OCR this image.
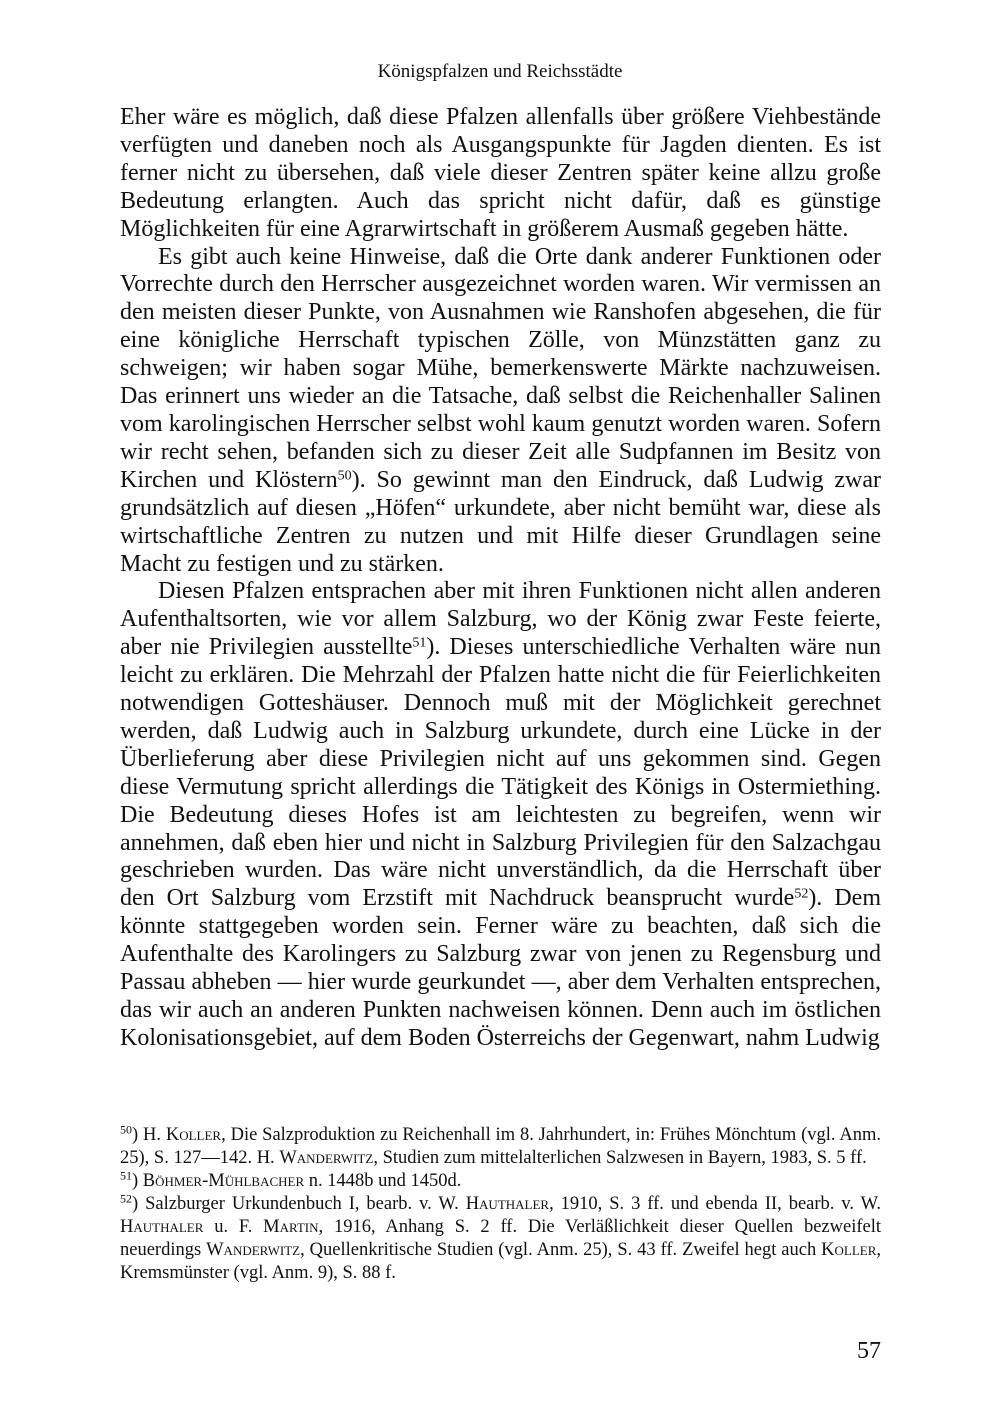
Königspfalzen und Reichsstädte

Eher wäre es möglich, daß diese Pfalzen allenfalls über größere Viehbestände verfügten und daneben noch als Ausgangspunkte für Jagden dienten. Es ist ferner nicht zu übersehen, daß viele dieser Zentren später keine allzu große Bedeutung erlangten. Auch das spricht nicht dafür, daß es günstige Möglichkeiten für eine Agrarwirtschaft in größerem Ausmaß gegeben hätte.

Es gibt auch keine Hinweise, daß die Orte dank anderer Funktionen oder Vorrechte durch den Herrscher ausgezeichnet worden waren. Wir vermissen an den meisten dieser Punkte, von Ausnahmen wie Ranshofen abgesehen, die für eine königliche Herrschaft typischen Zölle, von Münzstätten ganz zu schweigen; wir haben sogar Mühe, bemerkenswerte Märkte nachzuweisen. Das erinnert uns wieder an die Tatsache, daß selbst die Reichenhaller Salinen vom karolingischen Herrscher selbst wohl kaum genutzt worden waren. Sofern wir recht sehen, befanden sich zu dieser Zeit alle Sudpfannen im Besitz von Kirchen und Klöstern$^{50}$). So gewinnt man den Eindruck, daß Ludwig zwar grundsätzlich auf diesen „Höfen“ urkundete, aber nicht bemüht war, diese als wirtschaftliche Zentren zu nutzen und mit Hilfe dieser Grundlagen seine Macht zu festigen und zu stärken.

Diesen Pfalzen entsprachen aber mit ihren Funktionen nicht allen anderen Aufenthaltsorten, wie vor allem Salzburg, wo der König zwar Feste feierte, aber nie Privilegien ausstellte$^{51}$). Dieses unterschiedliche Verhalten wäre nun leicht zu erklären. Die Mehrzahl der Pfalzen hatte nicht die für Feierlichkeiten notwendigen Gotteshäuser. Dennoch muß mit der Möglichkeit gerechnet werden, daß Ludwig auch in Salzburg urkundete, durch eine Lücke in der Überlieferung aber diese Privilegien nicht auf uns gekommen sind. Gegen diese Vermutung spricht allerdings die Tätigkeit des Königs in Ostermiething. Die Bedeutung dieses Hofes ist am leichtesten zu begreifen, wenn wir annehmen, daß eben hier und nicht in Salzburg Privilegien für den Salzachgau geschrieben wurden. Das wäre nicht unverständlich, da die Herrschaft über den Ort Salzburg vom Erzstift mit Nachdruck beansprucht wurde$^{52}$). Dem könnte stattgegeben worden sein. Ferner wäre zu beachten, daß sich die Aufenthalte des Karolingers zu Salzburg zwar von jenen zu Regensburg und Passau abheben — hier wurde geurkundet —, aber dem Verhalten entsprechen, das wir auch an anderen Punkten nachweisen können. Denn auch im östlichen Kolonisationsgebiet, auf dem Boden Österreichs der Gegenwart, nahm Ludwig

$^{50}$) H. Koller, Die Salzproduktion zu Reichenhall im 8. Jahrhundert, in: Frühes Mönchtum (vgl. Anm. 25), S. 127—142. H. Wanderwitz, Studien zum mittelalterlichen Salzwesen in Bayern, 1983, S. 5 ff.

$^{51}$) Böhmer-Mühlbacher n. 1448b und 1450d.

$^{52}$) Salzburger Urkundenbuch I, bearb. v. W. Hauthaler, 1910, S. 3 ff. und ebenda II, bearb. v. W. Hauthaler u. F. Martin, 1916, Anhang S. 2 ff. Die Verläßlichkeit dieser Quellen bezweifelt neuerdings Wanderwitz, Quellenkritische Studien (vgl. Anm. 25), S. 43 ff. Zweifel hegt auch Koller, Kremsmünster (vgl. Anm. 9), S. 88 f.

57
